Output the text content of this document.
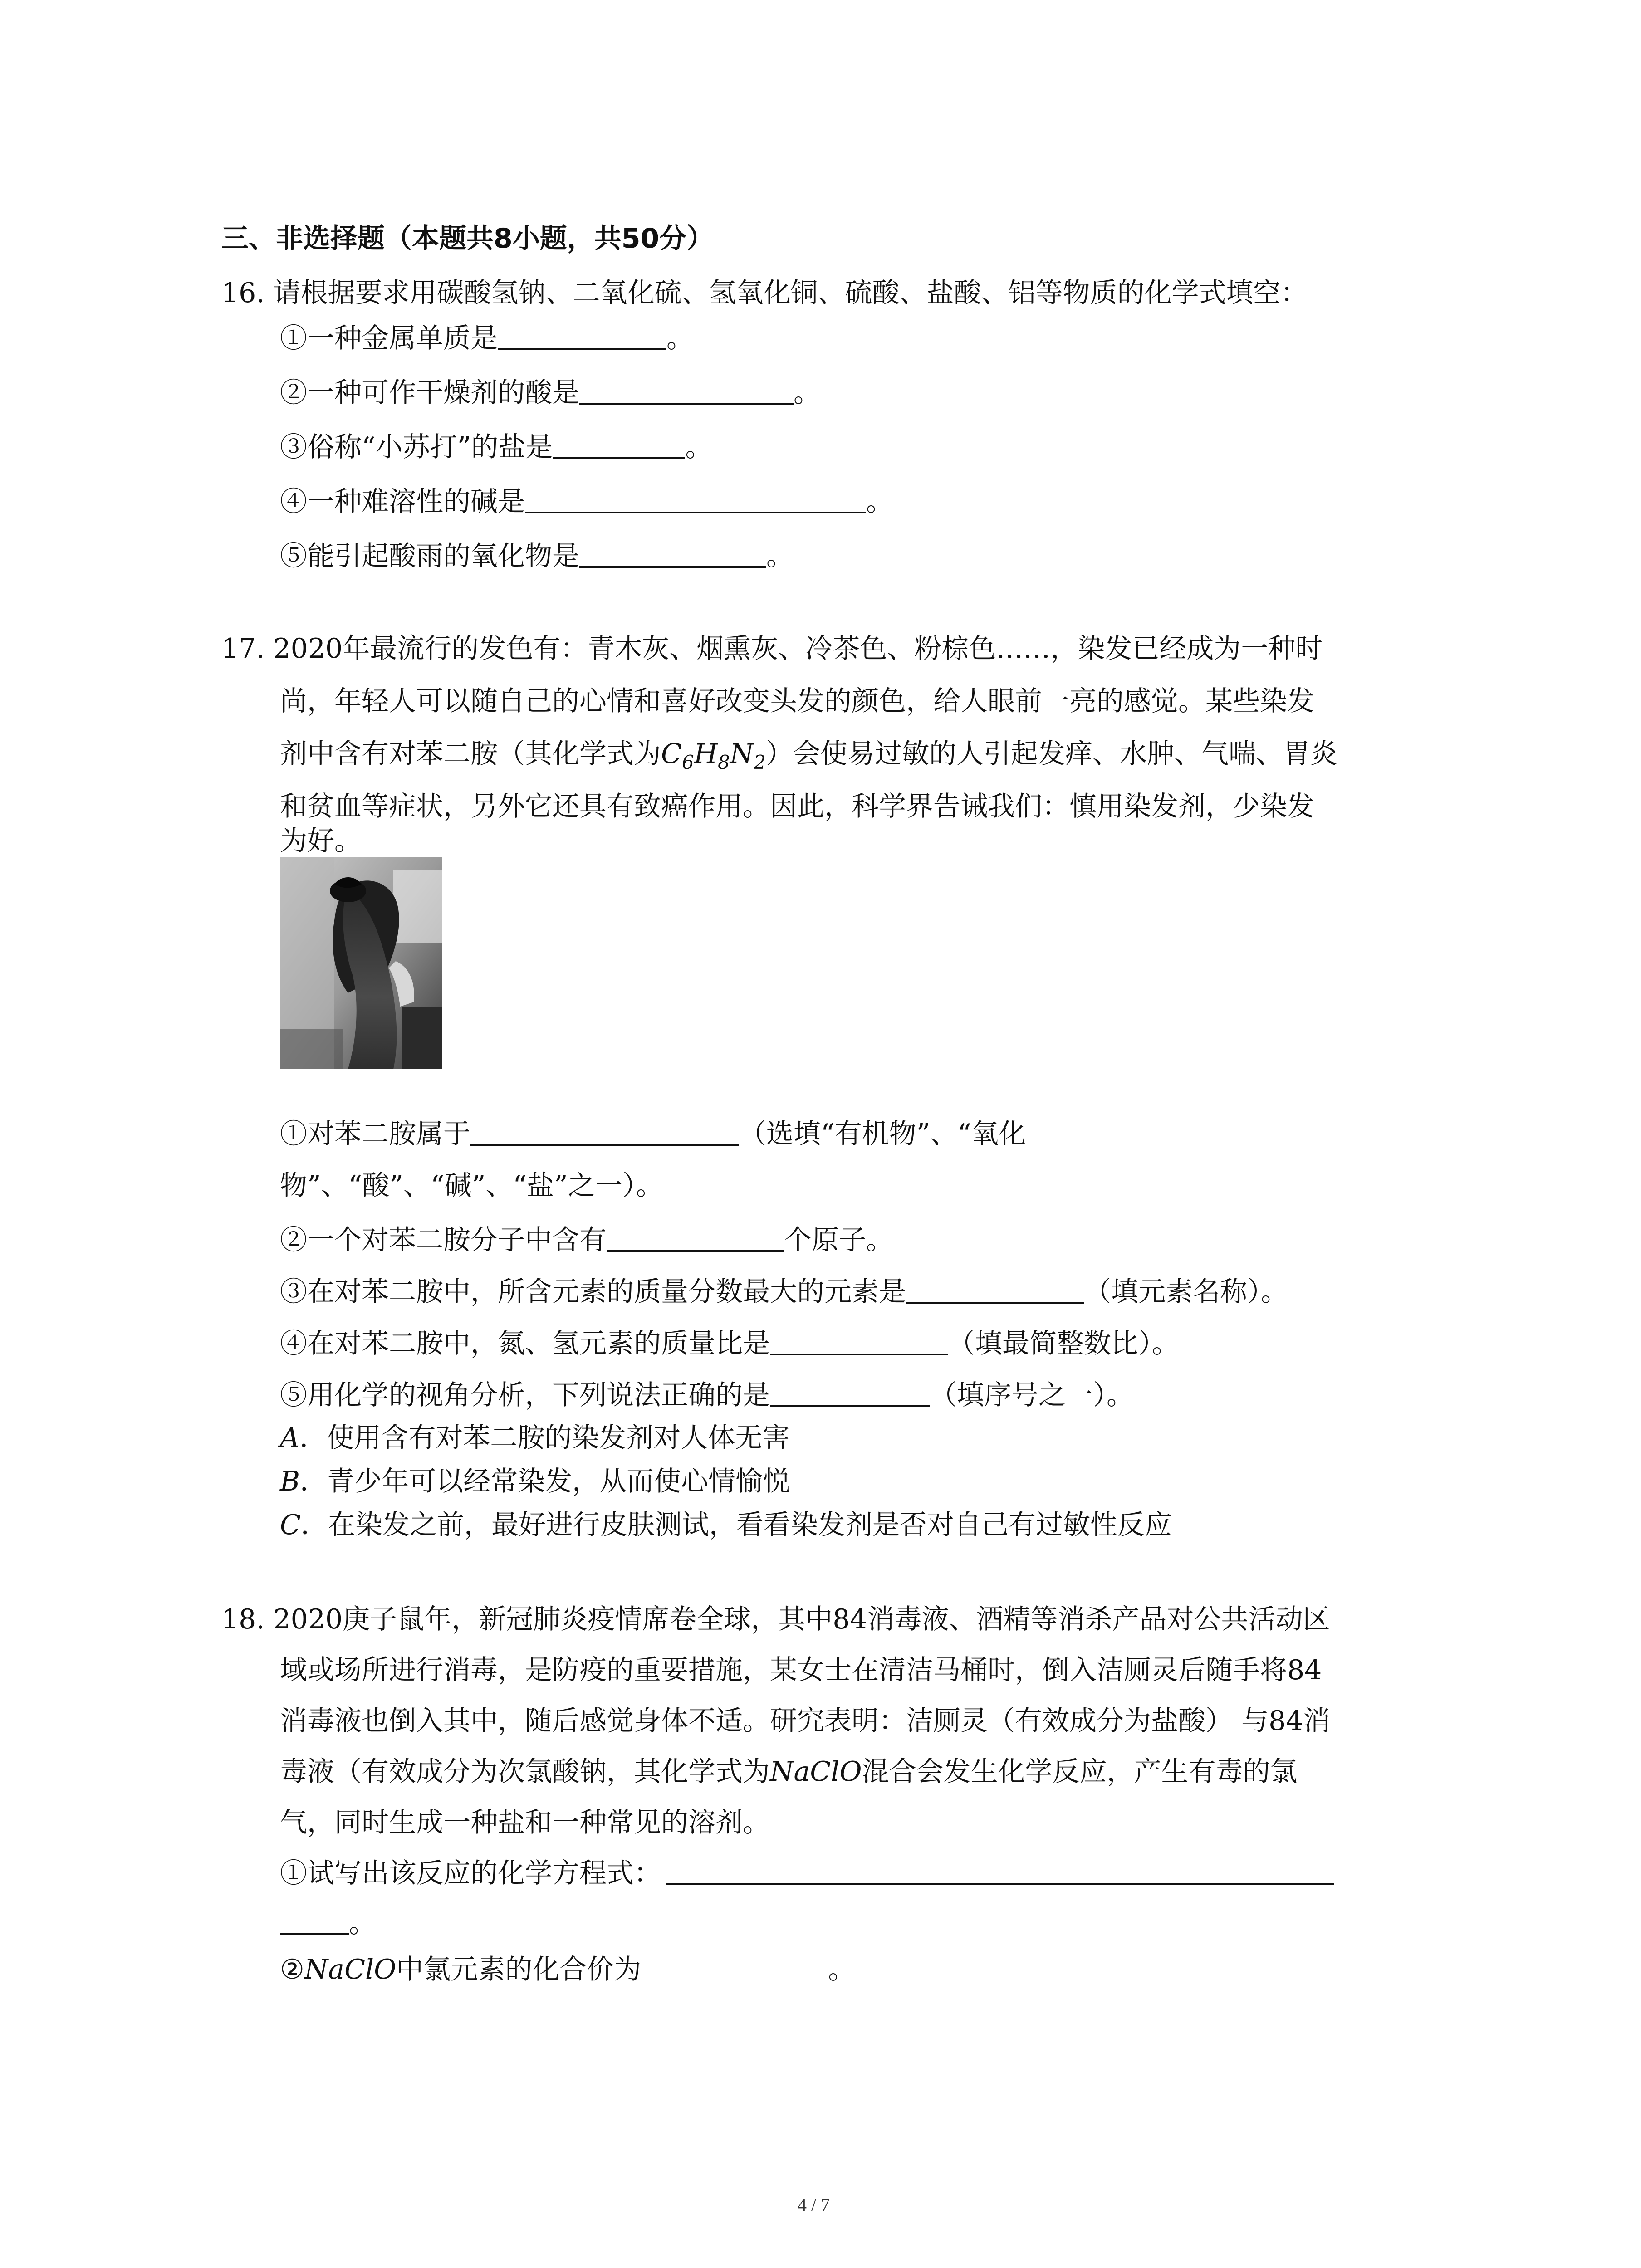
三、非选择题（本题共8小题，共50分）
16. 请根据要求用碳酸氢钠、二氧化硫、氢氧化铜、硫酸、盐酸、铝等物质的化学式填空：
①一种金属单质是	。
②一种可作干燥剂的酸是	。
③俗称“小苏打”的盐是	。
④一种难溶性的碱是	。
⑤能引起酸雨的氧化物是	。
17. 2020年最流行的发色有：青木灰、烟熏灰、冷茶色、粉棕色……，染发已经成为一种时
尚，年轻人可以随自己的心情和喜好改变头发的颜色，给人眼前一亮的感觉。某些染发
剂中含有对苯二胺（其化学式为$C_6H_8N_2$）会使易过敏的人引起发痒、水肿、气喘、胃炎
和贫血等症状，另外它还具有致癌作用。因此，科学界告诫我们：慎用染发剂，少染发
为好。
①对苯二胺属于	（选填“有机物”、“氧化
物”、“酸”、“碱”、“盐”之一）。
②一个对苯二胺分子中含有	个原子。
③在对苯二胺中，所含元素的质量分数最大的元素是	（填元素名称）。
④在对苯二胺中，氮、氢元素的质量比是	（填最简整数比）。
⑤用化学的视角分析，下列说法正确的是	（填序号之一）。
A．使用含有对苯二胺的染发剂对人体无害
B．青少年可以经常染发，从而使心情愉悦
C．在染发之前，最好进行皮肤测试，看看染发剂是否对自己有过敏性反应
18. 2020庚子鼠年，新冠肺炎疫情席卷全球，其中84消毒液、酒精等消杀产品对公共活动区
域或场所进行消毒，是防疫的重要措施，某女士在清洁马桶时，倒入洁厕灵后随手将84
消毒液也倒入其中，随后感觉身体不适。研究表明：洁厕灵（有效成分为盐酸） 与84消
毒液（有效成分为次氯酸钠，其化学式为NaClO混合会发生化学反应，产生有毒的氯
气，同时生成一种盐和一种常见的溶剂。
①试写出该反应的化学方程式：
。
②NaClO中氯元素的化合价为	。
4 / 7
